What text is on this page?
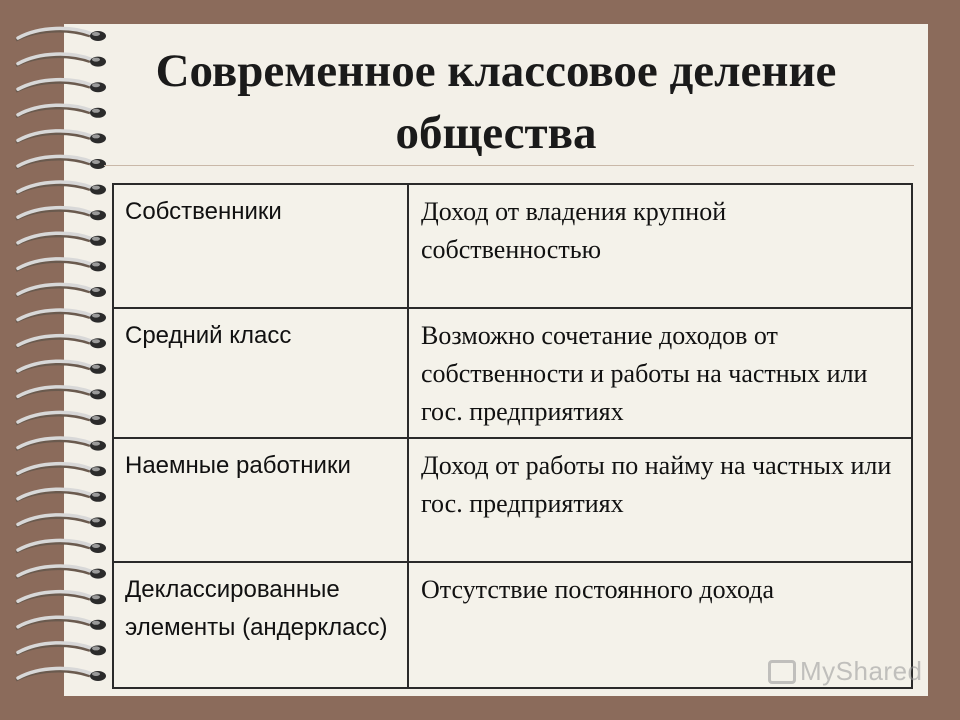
Современное классовое деление общества
Собственники	Доход от владения крупной собственностью
Средний класс	Возможно сочетание доходов от собственности и работы на частных или гос. предприятиях
Наемные работники	Доход от работы по найму на частных или гос. предприятиях
Деклассированные элементы (андеркласс)	Отсутствие постоянного дохода
MyShared
